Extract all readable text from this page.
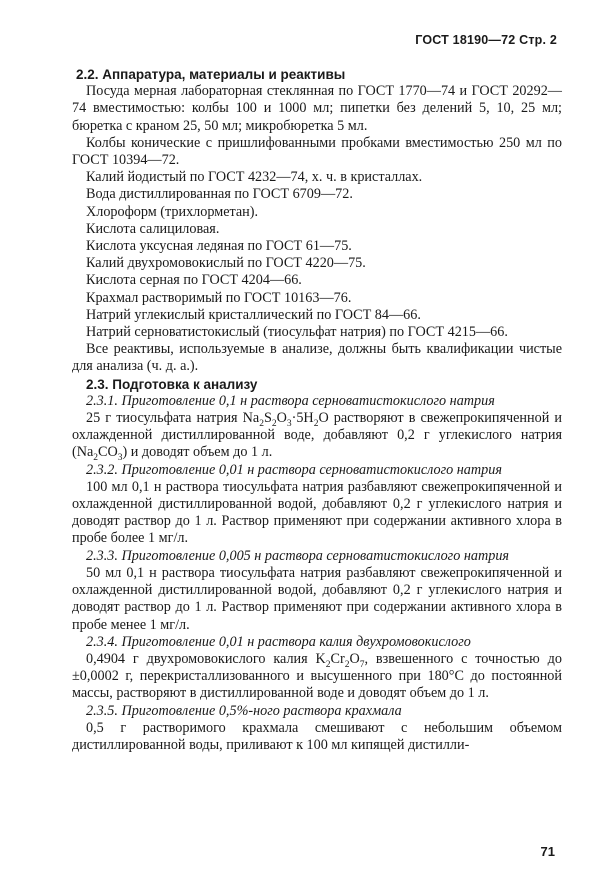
ГОСТ 18190—72 Стр. 2

2.2. Аппаратура, материалы и реактивы

Посуда мерная лабораторная стеклянная по ГОСТ 1770—74 и ГОСТ 20292—74 вместимостью: колбы 100 и 1000 мл; пипетки без делений 5, 10, 25 мл; бюретка с краном 25, 50 мл; микробюретка 5 мл.

Колбы конические с пришлифованными пробками вместимостью 250 мл по ГОСТ 10394—72.

Калий йодистый по ГОСТ 4232—74, х. ч. в кристаллах.

Вода дистиллированная по ГОСТ 6709—72.

Хлороформ (трихлорметан).

Кислота салициловая.

Кислота уксусная ледяная по ГОСТ 61—75.

Калий двухромовокислый по ГОСТ 4220—75.

Кислота серная по ГОСТ 4204—66.

Крахмал растворимый по ГОСТ 10163—76.

Натрий углекислый кристаллический по ГОСТ 84—66.

Натрий серноватистокислый (тиосульфат натрия) по ГОСТ 4215—66.

Все реактивы, используемые в анализе, должны быть квалификации чистые для анализа (ч. д. а.).

2.3. Подготовка к анализу

2.3.1. Приготовление 0,1 н раствора серноватистокислого натрия

25 г тиосульфата натрия $Na_2S_2O_3\cdot 5H_2O$ растворяют в свежепрокипяченной и охлажденной дистиллированной воде, добавляют 0,2 г углекислого натрия $(Na_2CO_3)$ и доводят объем до 1 л.

2.3.2. Приготовление 0,01 н раствора серноватистокислого натрия

100 мл 0,1 н раствора тиосульфата натрия разбавляют свежепрокипяченной и охлажденной дистиллированной водой, добавляют 0,2 г углекислого натрия и доводят раствор до 1 л. Раствор применяют при содержании активного хлора в пробе более 1 мг/л.

2.3.3. Приготовление 0,005 н раствора серноватистокислого натрия

50 мл 0,1 н раствора тиосульфата натрия разбавляют свежепрокипяченной и охлажденной дистиллированной водой, добавляют 0,2 г углекислого натрия и доводят раствор до 1 л. Раствор применяют при содержании активного хлора в пробе менее 1 мг/л.

2.3.4. Приготовление 0,01 н раствора калия двухромовокислого

0,4904 г двухромовокислого калия $K_2Cr_2O_7$, взвешенного с точностью до ±0,0002 г, перекристаллизованного и высушенного при 180°С до постоянной массы, растворяют в дистиллированной воде и доводят объем до 1 л.

2.3.5. Приготовление 0,5%-ного раствора крахмала

0,5 г растворимого крахмала смешивают с небольшим объемом дистиллированной воды, приливают к 100 мл кипящей дистилли-

71
